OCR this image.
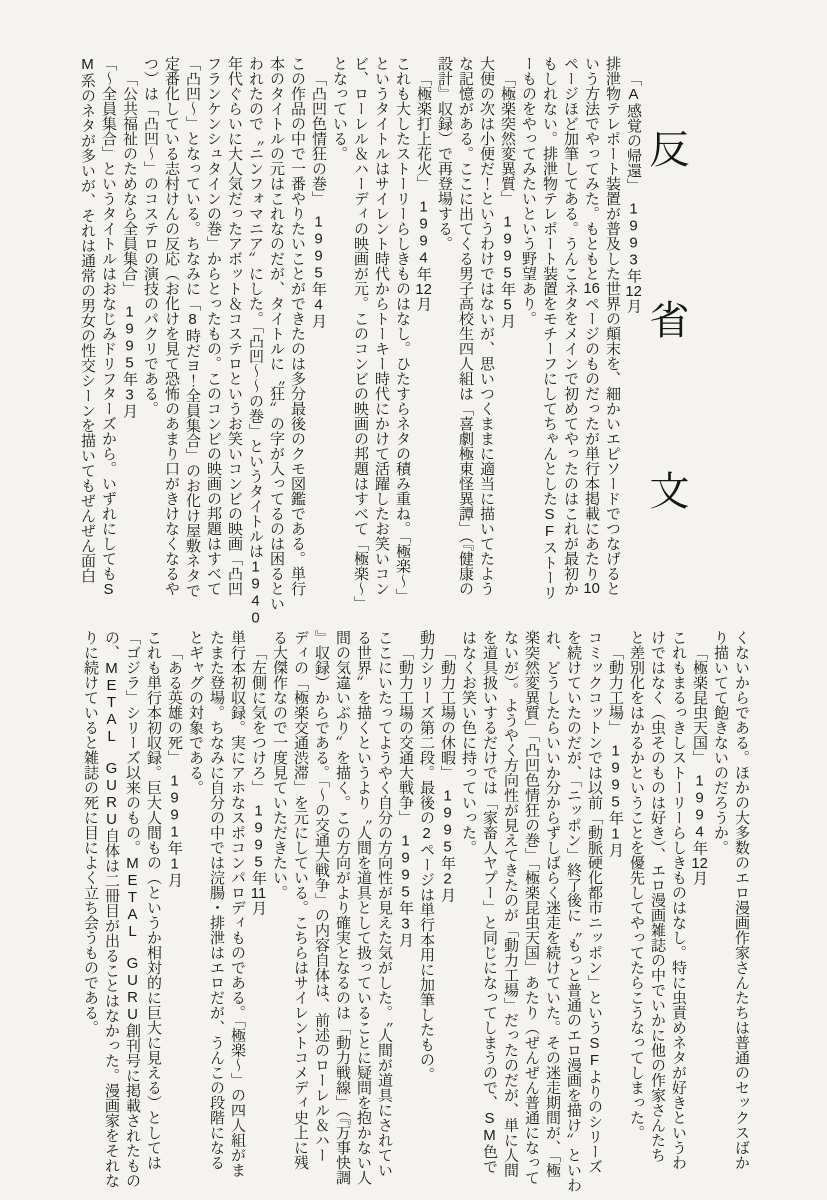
反省文

「A感覚の帰還」　1993年12月

排泄物テレポート装置が普及した世界の顛末を、細かいエピソードでつなげると

いう方法でやってみた。もともと16ページのものだったが単行本掲載にあたり10

ページほど加筆してある。うんこネタをメインで初めてやったのはこれが最初か

もしれない。排泄物テレポート装置をモチーフにしてちゃんとしたSFストーリ

ーものをやってみたいという野望あり。

「極楽突然変異質」　1995年5月

大便の次は小便だ！というわけではないが、思いつくままに適当に描いてたよう

な記憶がある。ここに出てくる男子高校生四人組は「喜劇極東怪異譚」（『健康の

設計』収録）で再登場する。

「極楽打上花火」　1994年12月

これも大したストーリーらしきものはなし。ひたすらネタの積み重ね。「極楽〜」

というタイトルはサイレント時代からトーキー時代にかけて活躍したお笑いコン

ビ、ローレル＆ハーディの映画が元。このコンビの映画の邦題はすべて「極楽〜」

となっている。

「凸凹色情狂の巻」　1995年4月

この作品の中で一番やりたいことができたのは多分最後のクモ図鑑である。単行

本のタイトルの元はこれなのだが、タイトルに〝狂〞の字が入ってるのは困るとい

われたので〝ニンフォマニア〞にした。「凸凹〜〜の巻」というタイトルは1940

年代ぐらいに大人気だったアボット＆コステロというお笑いコンビの映画「凸凹

フランケンシュタインの巻」からとったもの。このコンビの映画の邦題はすべて

「凸凹〜」となっている。ちなみに「8時だヨ！全員集合」のお化け屋敷ネタで

定番化している志村けんの反応（お化けを見て恐怖のあまり口がきけなくなるや

つ）は「凸凹〜」のコステロの演技のパクリである。

「公共福祉のためなら全員集合」　1995年3月

「〜全員集合」というタイトルはおなじみドリフターズから。いずれにしてもS

M系のネタが多いが、それは通常の男女の性交シーンを描いてもぜんぜん面白

くないからである。ほかの大多数のエロ漫画作家さんたちは普通のセックスばか

り描いてて飽きないのだろうか。

「極楽昆虫天国」　1994年12月

これもまるっきしストーリーらしきものはなし。特に虫責めネタが好きというわ

けではなく（虫そのものは好き）、エロ漫画雑誌の中でいかに他の作家さんたち

と差別化をはかるかということを優先してやってたらこうなってしまった。

「動力工場」　1995年1月

コミックコットンでは以前「動脈硬化都市ニッポン」というSFよりのシリーズ

を続けていたのだが、「ニッポン」終了後に〝もっと普通のエロ漫画を描け〞といわ

れ、どうしたらいいか分からずしばらく迷走を続けていた。その迷走期間が、「極

楽突然変異質」「凸凹色情狂の巻」「極楽昆虫天国」あたり（ぜんぜん普通になって

ないが）。ようやく方向性が見えてきたのが「動力工場」だったのだが、単に人間

を道具扱いするだけでは「家畜人ヤプー」と同じになってしまうので、SM色で

はなくお笑い色に持っていった。

「動力工場の休暇」　1995年2月

動力シリーズ第二段。最後の2ページは単行本用に加筆したもの。

「動力工場の交通大戦争」　1995年3月

ここにいたってようやく自分の方向性が見えた気がした。〝人間が道具にされてい

る世界〞を描くというより〝人間を道具として扱っていることに疑問を抱かない人

間の気違いぶり〞を描く。この方向がより確実となるのは「動力戦線」（『万事快調

』収録）からである。「〜の交通大戦争」の内容自体は、前述のローレル＆ハー

ディの「極楽交通渋滞」を元にしている。こちらはサイレントコメディ史上に残

る大傑作なので一度見ていただきたい。

「左側に気をつけろ」　1995年11月

単行本初収録。実にアホなスポコンパロディものである。「極楽〜」の四人組がま

たまた登場。ちなみに自分の中では浣腸・排泄はエロだが、うんこの段階になる

とギャグの対象である。

「ある英雄の死」　1991年1月

これも単行本初収録。巨大人間もの（というか相対的に巨大に見える）としては

「ゴジラ」シリーズ以来のもの。METAL　GURU創刊号に掲載されたもの

の、METAL　GURU自体は二冊目が出ることはなかった。漫画家をそれな

りに続けていると雑誌の死に目によく立ち会うものである。
